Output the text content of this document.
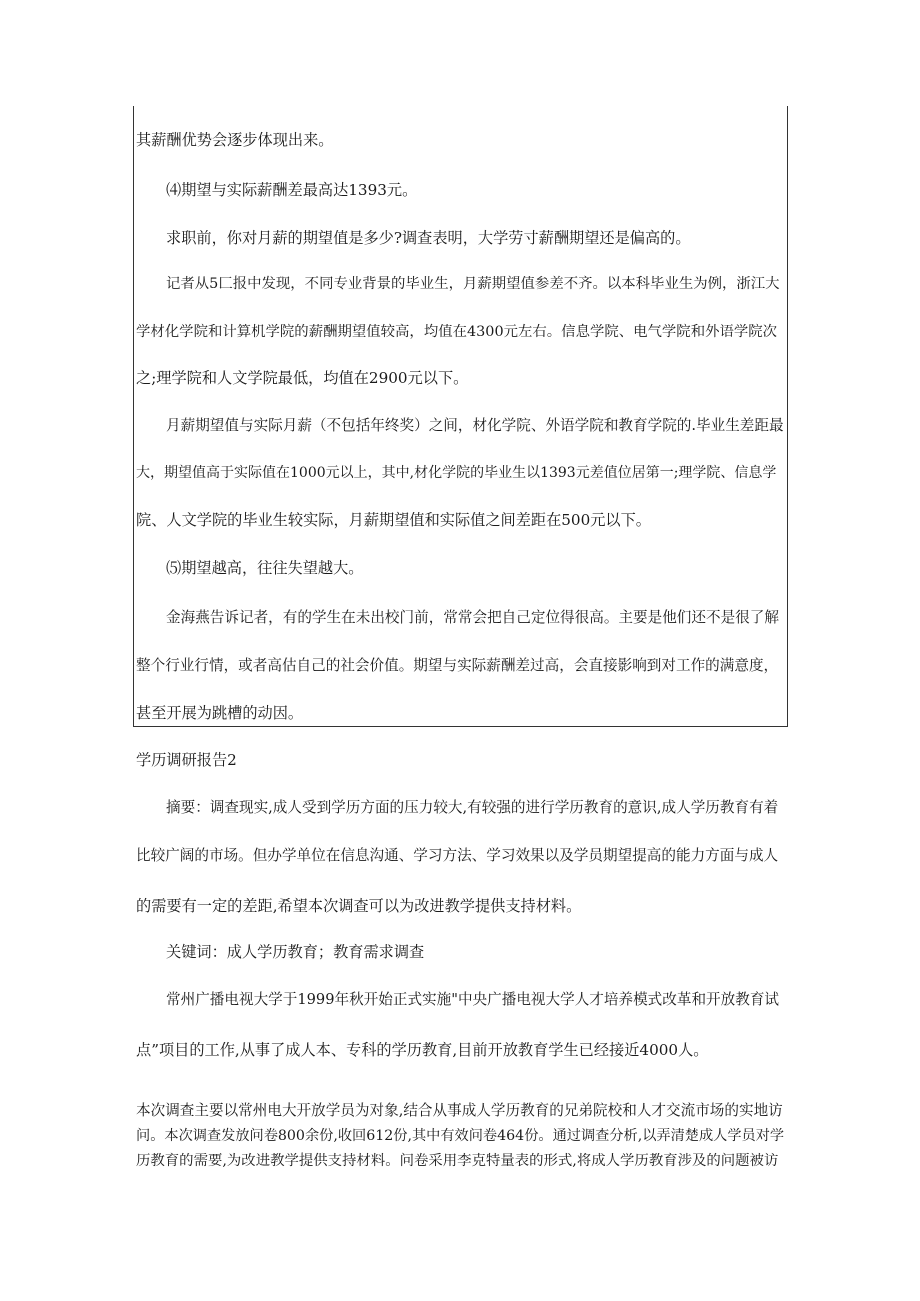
其薪酬优势会逐步体现出来。
⑷期望与实际薪酬差最高达1393元。
求职前，你对月薪的期望值是多少?调查表明，大学劳寸薪酬期望还是偏高的。
记者从5匚报中发现，不同专业背景的毕业生，月薪期望值参差不齐。以本科毕业生为例，浙江大
学材化学院和计算机学院的薪酬期望值较高，均值在4300元左右。信息学院、电气学院和外语学院次
之;理学院和人文学院最低，均值在2900元以下。
月薪期望值与实际月薪（不包括年终奖）之间，材化学院、外语学院和教育学院的.毕业生差距最
大，期望值高于实际值在1000元以上，其中,材化学院的毕业生以1393元差值位居第一;理学院、信息学
院、人文学院的毕业生较实际，月薪期望值和实际值之间差距在500元以下。
⑸期望越高，往往失望越大。
金海燕告诉记者，有的学生在未出校门前，常常会把自己定位得很高。主要是他们还不是很了解
整个行业行情，或者高估自己的社会价值。期望与实际薪酬差过高，会直接影响到对工作的满意度，
甚至开展为跳槽的动因。
学历调研报告2
摘要：调查现实,成人受到学历方面的压力较大,有较强的进行学历教育的意识,成人学历教育有着
比较广阔的市场。但办学单位在信息沟通、学习方法、学习效果以及学员期望提高的能力方面与成人
的需要有一定的差距,希望本次调查可以为改进教学提供支持材料。
关键词：成人学历教育；教育需求调查
常州广播电视大学于1999年秋开始正式实施"中央广播电视大学人才培养模式改革和开放教育试
点”项目的工作,从事了成人本、专科的学历教育,目前开放教育学生已经接近4000人。
本次调查主要以常州电大开放学员为对象,结合从事成人学历教育的兄弟院校和人才交流市场的实地访
问。本次调查发放问卷800余份,收回612份,其中有效问卷464份。通过调查分析,以弄清楚成人学员对学
历教育的需要,为改进教学提供支持材料。问卷采用李克特量表的形式,将成人学历教育涉及的问题被访
